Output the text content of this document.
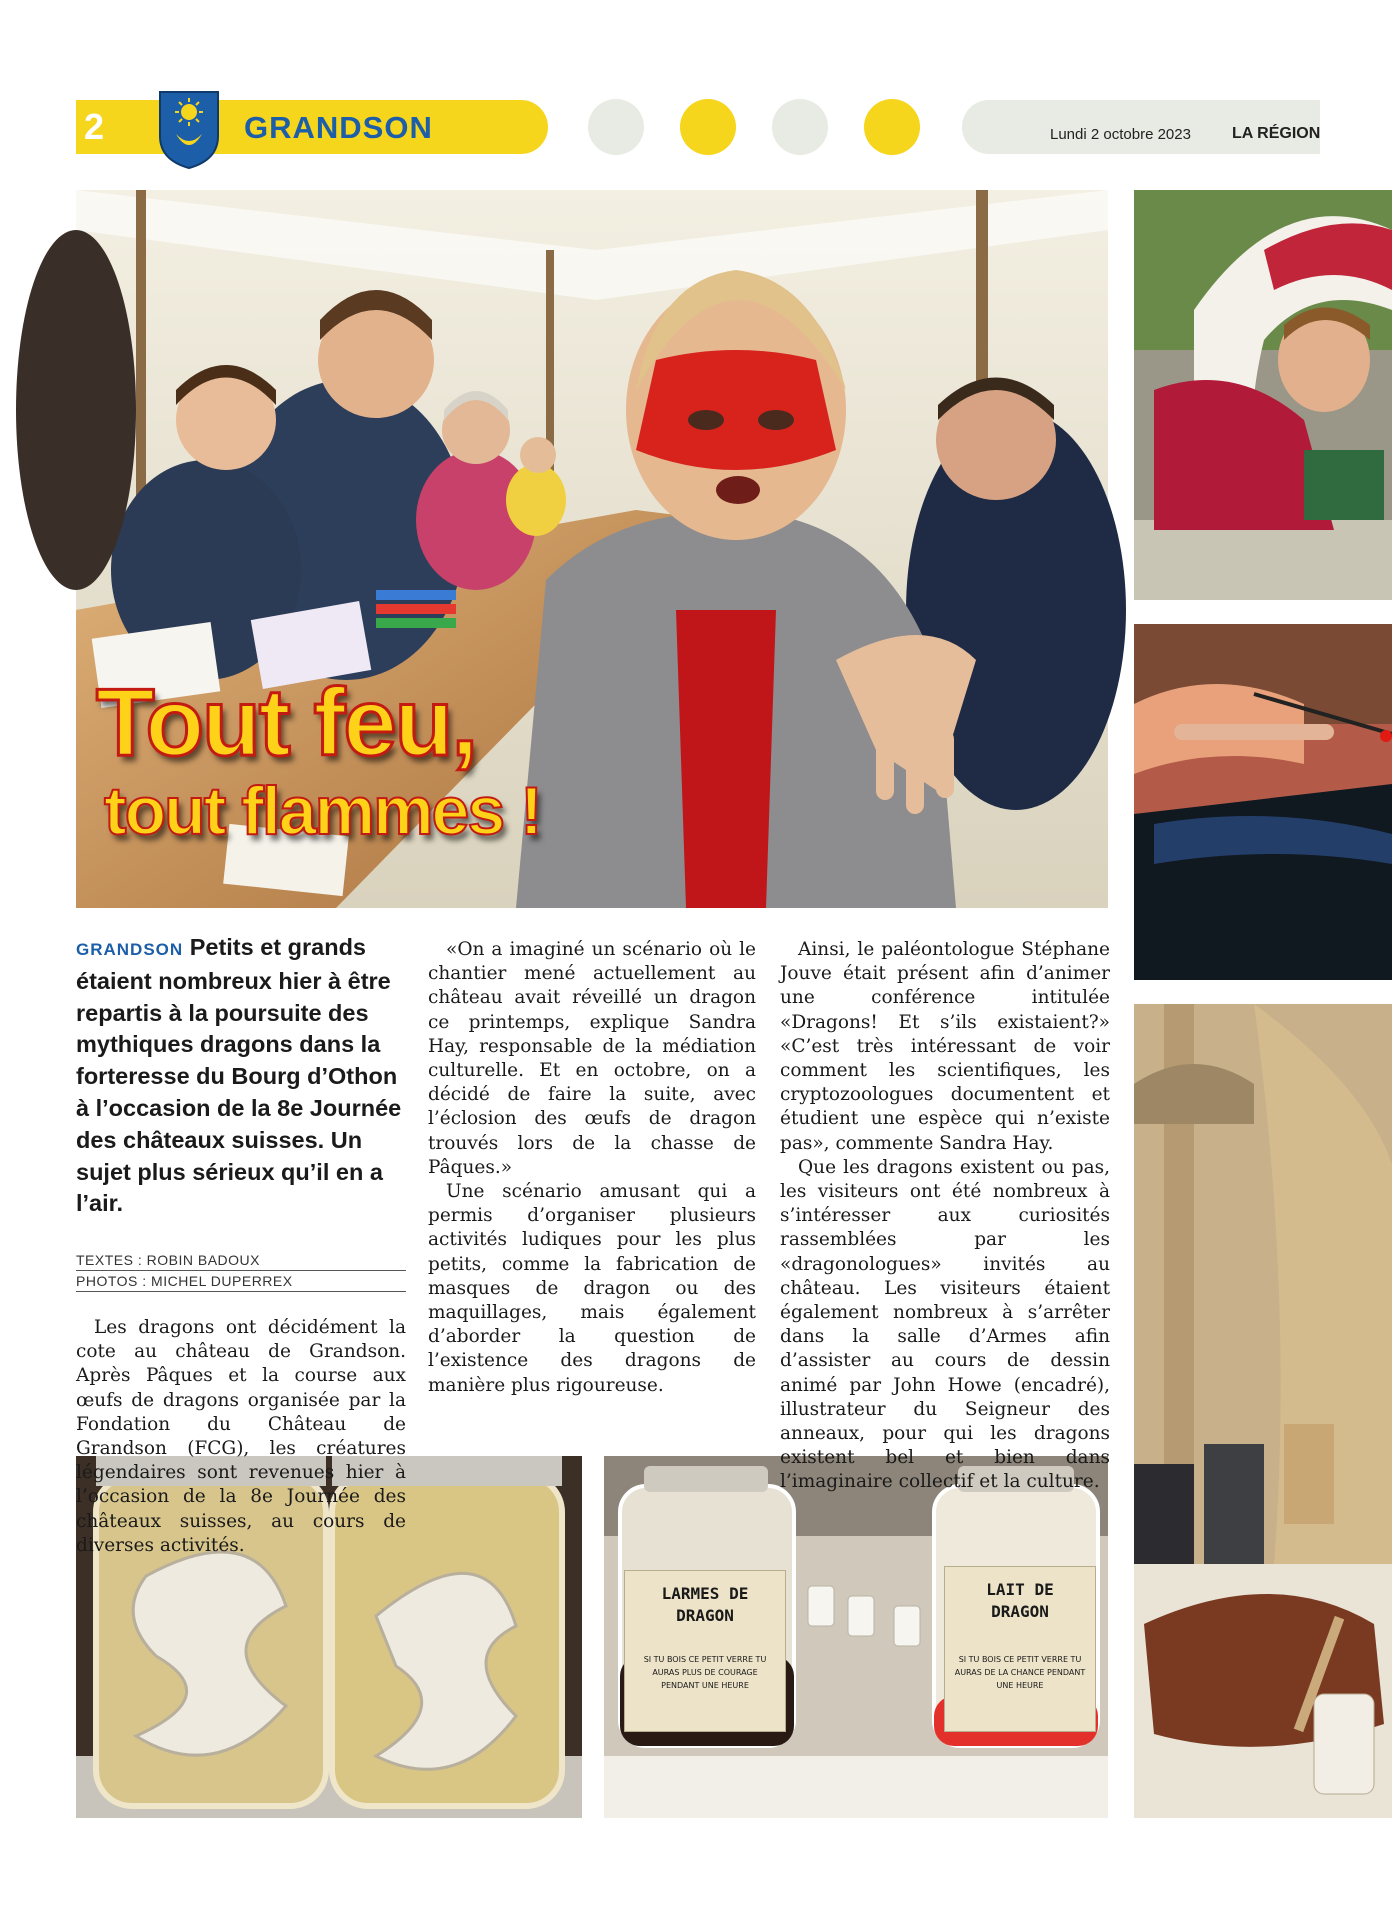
2	GRANDSON	Lundi 2 octobre 2023	LA RÉGION
Tout feu,
tout flammes !
LARMES DE DRAGON
SI TU BOIS CE PETIT VERRE TU AURAS PLUS DE COURAGE PENDANT UNE HEURE
LAIT DE DRAGON
SI TU BOIS CE PETIT VERRE TU AURAS DE LA CHANCE PENDANT UNE HEURE
GRANDSON Petits et grands étaient nombreux hier à être repartis à la poursuite des mythiques dragons dans la forteresse du Bourg d’Othon à l’occasion de la 8e Journée des châteaux suisses. Un sujet plus sérieux qu’il en a l’air.
TEXTES : ROBIN BADOUX
PHOTOS : MICHEL DUPERREX

Les dragons ont décidément la cote au château de Grandson. Après Pâques et la course aux œufs de dragons organisée par la Fondation du Château de Grandson (FCG), les créatures légendaires sont revenues hier à l’occasion de la 8e Journée des châteaux suisses, au cours de diverses activités.

«On a imaginé un scénario où le chantier mené actuellement au château avait réveillé un dragon ce printemps, explique Sandra Hay, responsable de la médiation culturelle. Et en octobre, on a décidé de faire la suite, avec l’éclosion des œufs de dragon trouvés lors de la chasse de Pâques.»

Une scénario amusant qui a permis d’organiser plusieurs activités ludiques pour les plus petits, comme la fabrication de masques de dragon ou des maquillages, mais également d’aborder la question de l’existence des dragons de manière plus rigoureuse.

Ainsi, le paléontologue Stéphane Jouve était présent afin d’animer une conférence intitulée «Dragons! Et s’ils existaient?» «C’est très intéressant de voir comment les scientifiques, les cryptozoologues documentent et étudient une espèce qui n’existe pas», commente Sandra Hay.

Que les dragons existent ou pas, les visiteurs ont été nombreux à s’intéresser aux curiosités rassemblées par les «dragonologues» invités au château. Les visiteurs étaient également nombreux à s’arrêter dans la salle d’Armes afin d’assister au cours de dessin animé par John Howe (encadré), illustrateur du Seigneur des anneaux, pour qui les dragons existent bel et bien dans l’imaginaire collectif et la culture.
